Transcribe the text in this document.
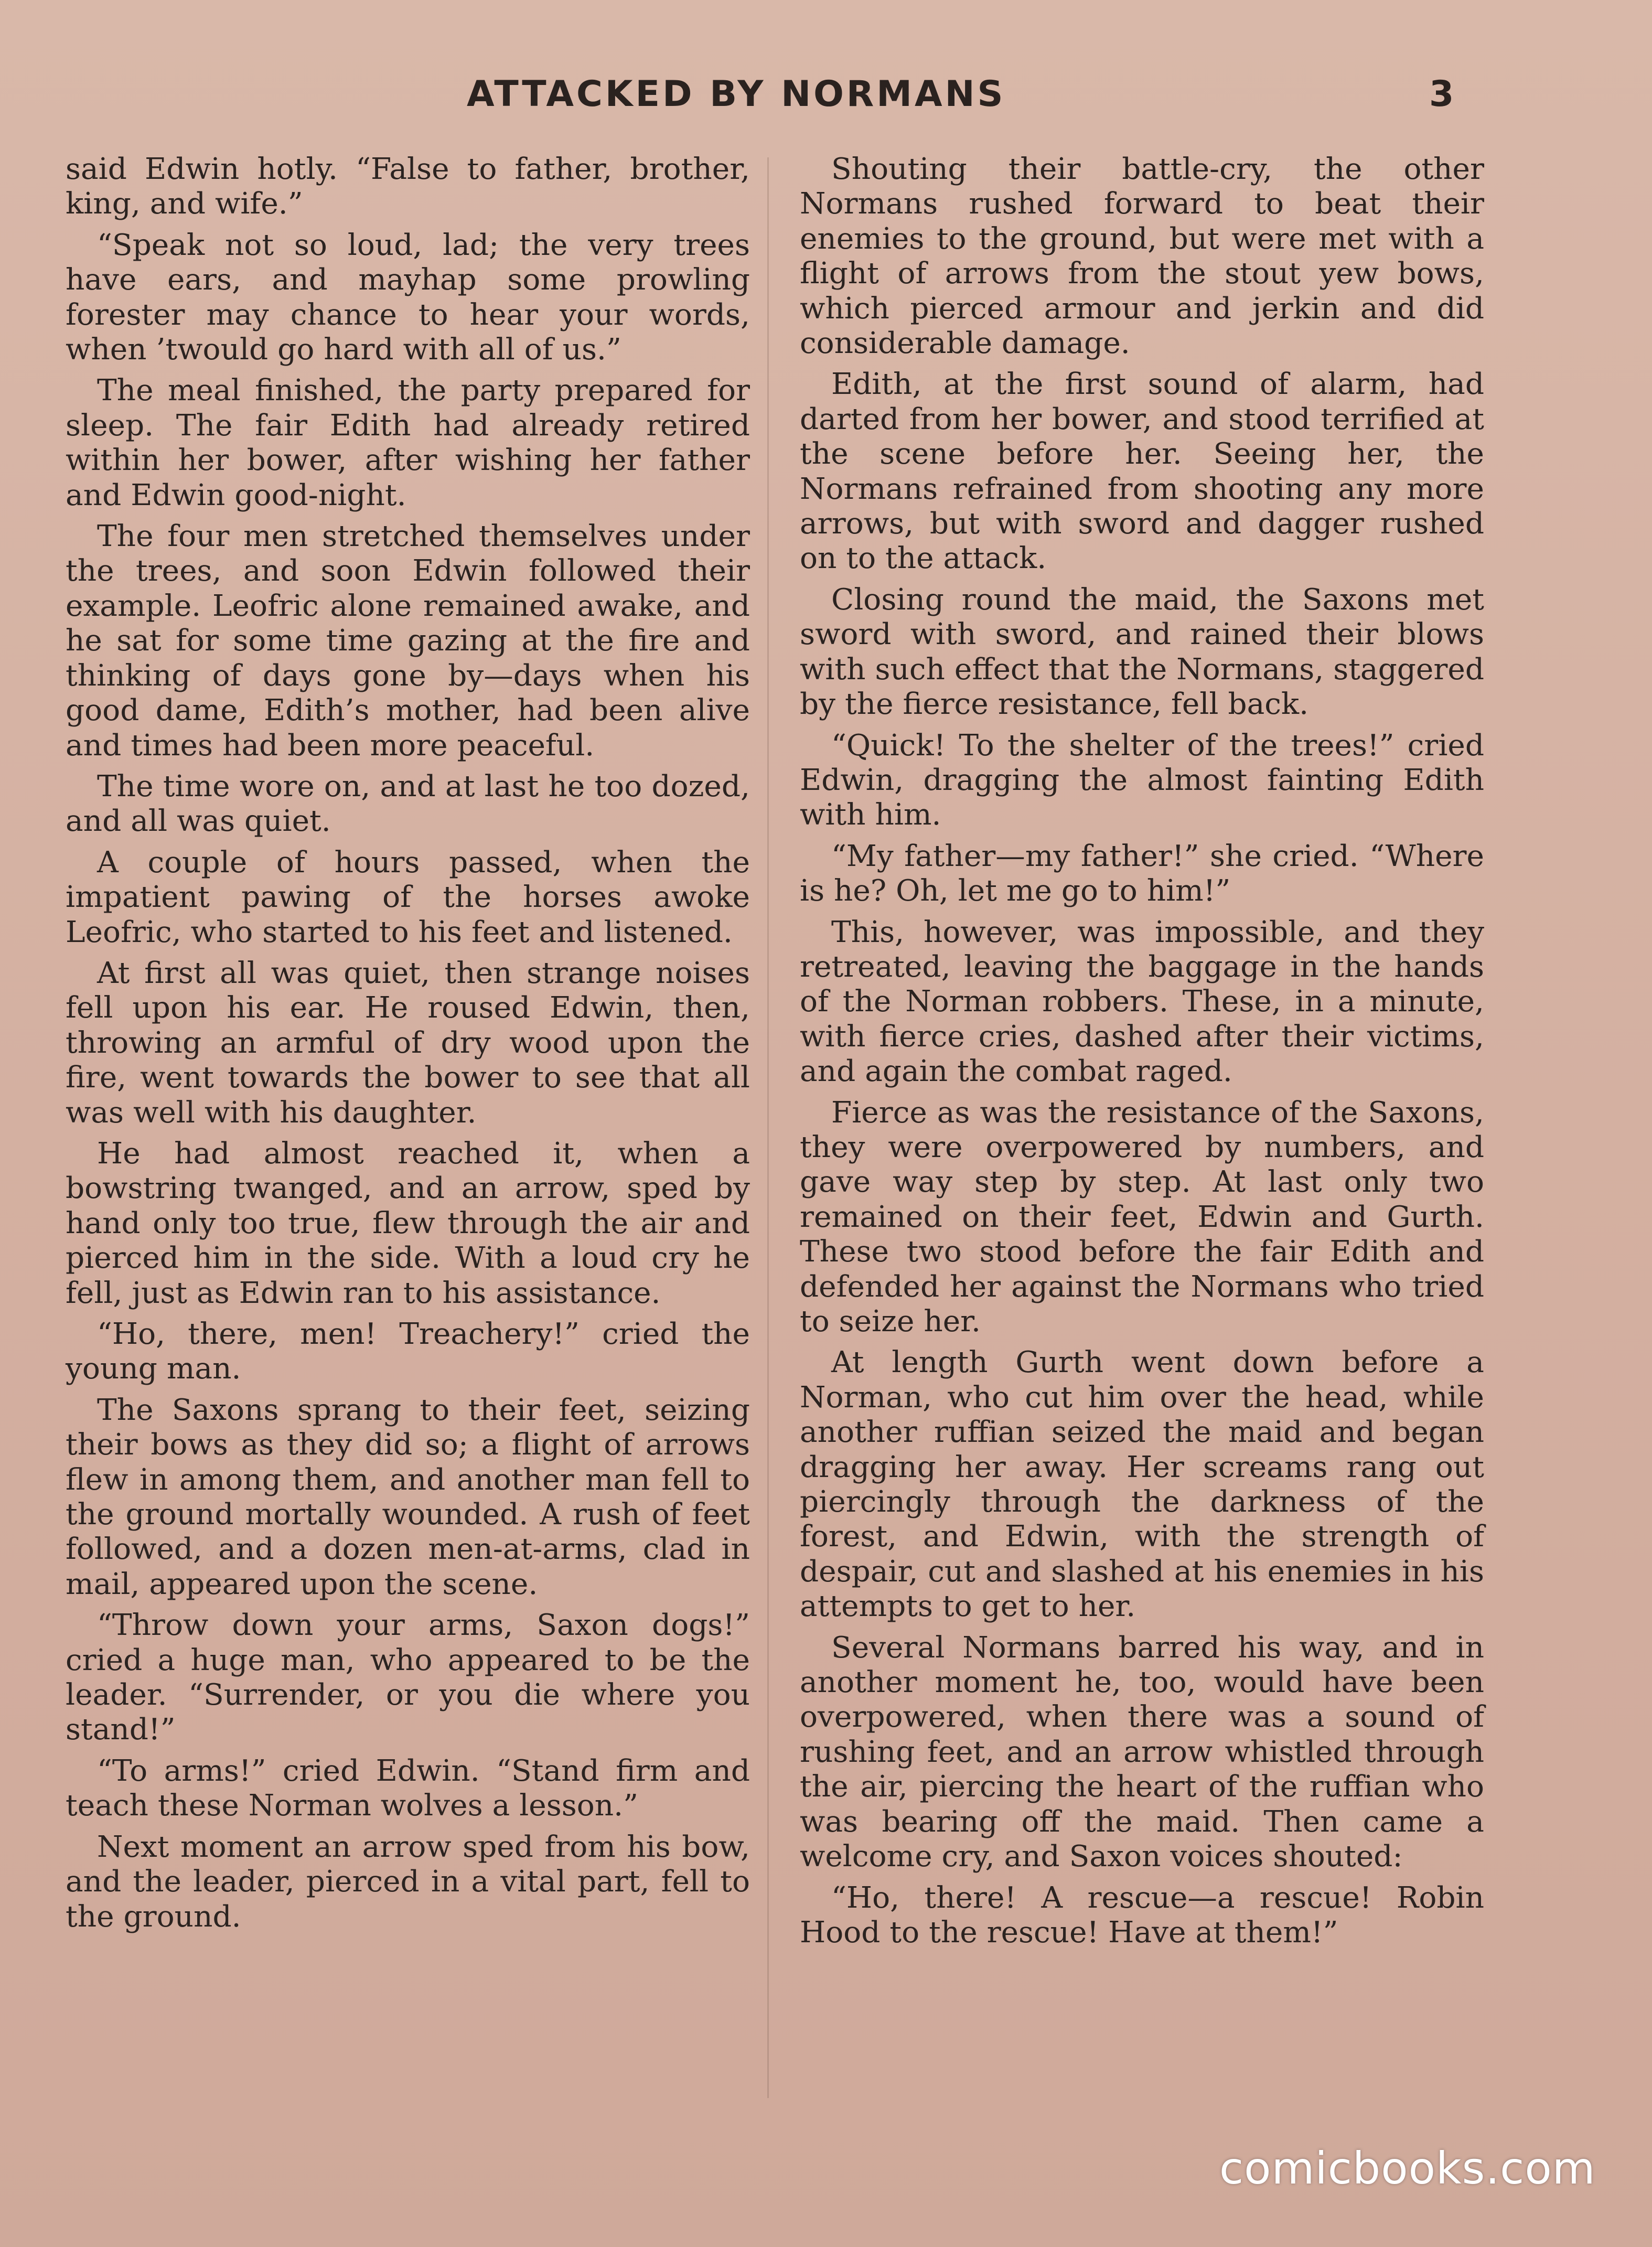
ATTACKED BY NORMANS	3

said Edwin hotly. “False to father, brother, king, and wife.”

“Speak not so loud, lad; the very trees have ears, and mayhap some prowling forester may chance to hear your words, when ’twould go hard with all of us.”

The meal finished, the party prepared for sleep. The fair Edith had already retired within her bower, after wishing her father and Edwin good-night.

The four men stretched themselves under the trees, and soon Edwin followed their example. Leofric alone remained awake, and he sat for some time gazing at the fire and thinking of days gone by—days when his good dame, Edith’s mother, had been alive and times had been more peaceful.

The time wore on, and at last he too dozed, and all was quiet.

A couple of hours passed, when the impatient pawing of the horses awoke Leofric, who started to his feet and listened.

At first all was quiet, then strange noises fell upon his ear. He roused Edwin, then, throwing an armful of dry wood upon the fire, went towards the bower to see that all was well with his daughter.

He had almost reached it, when a bowstring twanged, and an arrow, sped by hand only too true, flew through the air and pierced him in the side. With a loud cry he fell, just as Edwin ran to his assistance.

“Ho, there, men! Treachery!” cried the young man.

The Saxons sprang to their feet, seizing their bows as they did so; a flight of arrows flew in among them, and another man fell to the ground mortally wounded. A rush of feet followed, and a dozen men-at-arms, clad in mail, appeared upon the scene.

“Throw down your arms, Saxon dogs!” cried a huge man, who appeared to be the leader. “Surrender, or you die where you stand!”

“To arms!” cried Edwin. “Stand firm and teach these Norman wolves a lesson.”

Next moment an arrow sped from his bow, and the leader, pierced in a vital part, fell to the ground.

Shouting their battle-cry, the other Normans rushed forward to beat their enemies to the ground, but were met with a flight of arrows from the stout yew bows, which pierced armour and jerkin and did considerable damage.

Edith, at the first sound of alarm, had darted from her bower, and stood terrified at the scene before her. Seeing her, the Normans refrained from shooting any more arrows, but with sword and dagger rushed on to the attack.

Closing round the maid, the Saxons met sword with sword, and rained their blows with such effect that the Normans, staggered by the fierce resistance, fell back.

“Quick! To the shelter of the trees!” cried Edwin, dragging the almost fainting Edith with him.

“My father—my father!” she cried. “Where is he? Oh, let me go to him!”

This, however, was impossible, and they retreated, leaving the baggage in the hands of the Norman robbers. These, in a minute, with fierce cries, dashed after their victims, and again the combat raged.

Fierce as was the resistance of the Saxons, they were overpowered by numbers, and gave way step by step. At last only two remained on their feet, Edwin and Gurth. These two stood before the fair Edith and defended her against the Normans who tried to seize her.

At length Gurth went down before a Norman, who cut him over the head, while another ruffian seized the maid and began dragging her away. Her screams rang out piercingly through the darkness of the forest, and Edwin, with the strength of despair, cut and slashed at his enemies in his attempts to get to her.

Several Normans barred his way, and in another moment he, too, would have been overpowered, when there was a sound of rushing feet, and an arrow whistled through the air, piercing the heart of the ruffian who was bearing off the maid. Then came a welcome cry, and Saxon voices shouted:

“Ho, there! A rescue—a rescue! Robin Hood to the rescue! Have at them!”

comicbooks.com
